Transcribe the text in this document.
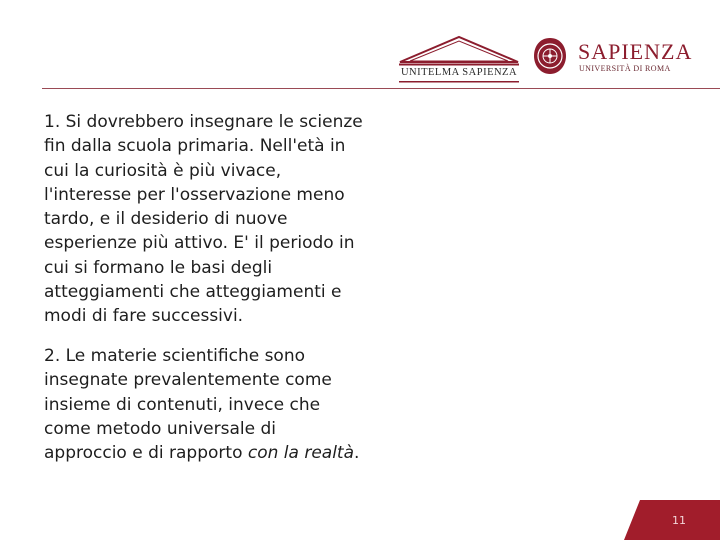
UNITELMA SAPIENZA
SAPIENZA
UNIVERSITÀ DI ROMA

1. Si dovrebbero insegnare le scienze fin dalla scuola primaria. Nell'età in cui la curiosità è più vivace, l'interesse per l'osservazione meno tardo, e il desiderio di nuove esperienze più attivo. E' il periodo in cui si formano le basi degli atteggiamenti che atteggiamenti e modi di fare successivi.

2. Le materie scientifiche sono insegnate prevalentemente come insieme di contenuti, invece che come metodo universale di approccio e di rapporto con la realtà.

11
